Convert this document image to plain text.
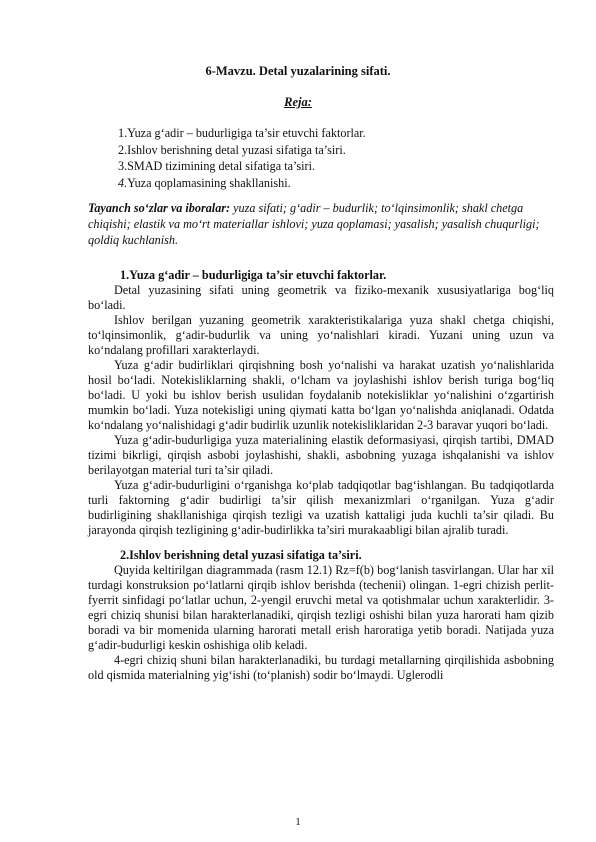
6-Mavzu. Detal yuzalarining sifati.
Reja:
1.Yuza g‘adir – budurligiga ta’sir etuvchi faktorlar.
2.Ishlov berishning detal yuzasi sifatiga ta’siri.
3.SMAD tizimining detal sifatiga ta’siri.
4.Yuza qoplamasining shakllanishi.
Tayanch so‘zlar va iboralar: yuza sifati; g‘adir – budurlik; to‘lqinsimonlik; shakl chetga chiqishi; elastik va mo‘rt materiallar ishlovi; yuza qoplamasi; yasalish; yasalish chuqurligi; qoldiq kuchlanish.

1.Yuza g‘adir – budurligiga ta’sir etuvchi faktorlar.

Detal yuzasining sifati uning geometrik va fiziko-mexanik xususiyatlariga bog‘liq bo‘ladi.

Ishlov berilgan yuzaning geometrik xarakteristikalariga yuza shakl chetga chiqishi, to‘lqinsimonlik, g‘adir-budurlik va uning yo‘nalishlari kiradi. Yuzani uning uzun va ko‘ndalang profillari xarakterlaydi.

Yuza g‘adir budirliklari qirqishning bosh yo‘nalishi va harakat uzatish yo‘nalishlarida hosil bo‘ladi. Notekisliklarning shakli, o‘lcham va joylashishi ishlov berish turiga bog‘liq bo‘ladi. U yoki bu ishlov berish usulidan foydalanib notekisliklar yo‘nalishini o‘zgartirish mumkin bo‘ladi. Yuza notekisligi uning qiymati katta bo‘lgan yo‘nalishda aniqlanadi. Odatda ko‘ndalang yo‘nalishidagi g‘adir budirlik uzunlik notekisliklaridan 2-3 baravar yuqori bo‘ladi.

Yuza g‘adir-budurligiga yuza materialining elastik deformasiyasi, qirqish tartibi, DMAD tizimi bikrligi, qirqish asbobi joylashishi, shakli, asbobning yuzaga ishqalanishi va ishlov berilayotgan material turi ta’sir qiladi.

Yuza g‘adir-budurligini o‘rganishga ko‘plab tadqiqotlar bag‘ishlangan. Bu tadqiqotlarda turli faktorning g‘adir budirligi ta’sir qilish mexanizmlari o‘rganilgan. Yuza g‘adir budirligining shakllanishiga qirqish tezligi va uzatish kattaligi juda kuchli ta’sir qiladi. Bu jarayonda qirqish tezligining g‘adir-budirlikka ta’siri murakaabligi bilan ajralib turadi.

2.Ishlov berishning detal yuzasi sifatiga ta’siri.

Quyida keltirilgan diagrammada (rasm 12.1) Rz=f(b) bog‘lanish tasvirlangan. Ular har xil turdagi konstruksion po‘latlarni qirqib ishlov berishda (techenii) olingan. 1-egri chizish perlit-fyerrit sinfidagi po‘latlar uchun, 2-yengil eruvchi metal va qotishmalar uchun xarakterlidir. 3-egri chiziq shunisi bilan harakterlanadiki, qirqish tezligi oshishi bilan yuza harorati ham qizib boradi va bir momenida ularning harorati metall erish haroratiga yetib boradi. Natijada yuza g‘adir-budurligi keskin oshishiga olib keladi.

4-egri chiziq shuni bilan harakterlanadiki, bu turdagi metallarning qirqilishida asbobning old qismida materialning yig‘ishi (to‘planish) sodir bo‘lmaydi. Uglerodli

1
